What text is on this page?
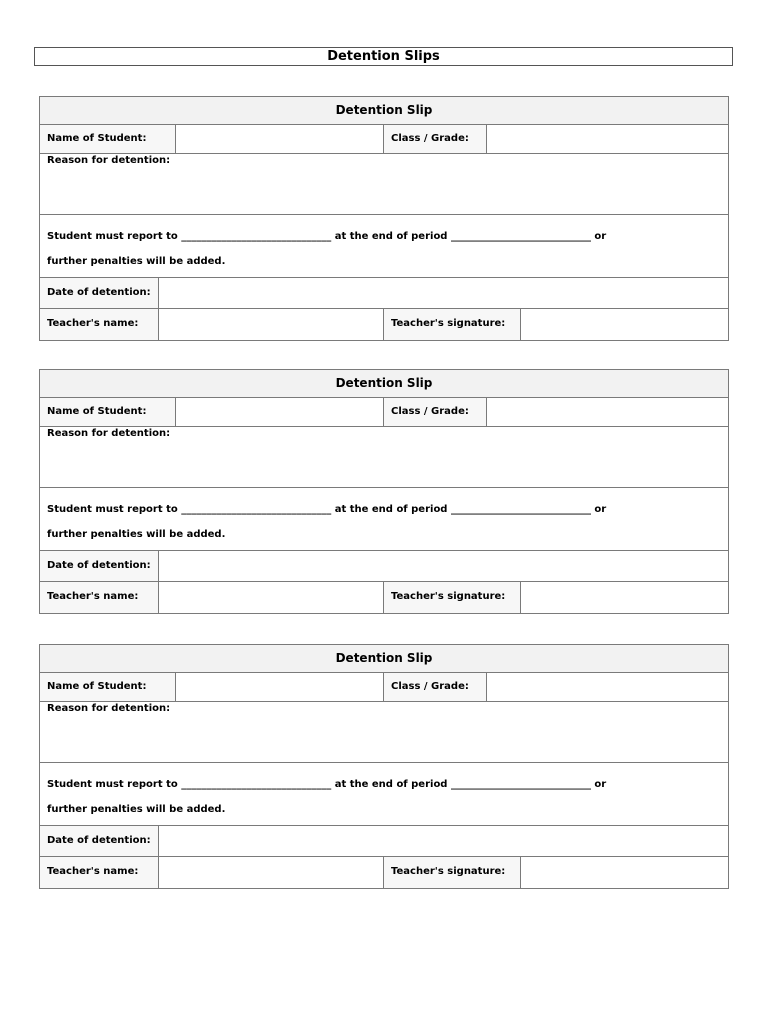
Detention Slips
Detention Slip
Name of Student:	Class / Grade:
Reason for detention:
Student must report to ______________________________ at the end of period ____________________________ or
further penalties will be added.
Date of detention:
Teacher's name:	Teacher's signature:
Detention Slip
Name of Student:	Class / Grade:
Reason for detention:
Student must report to ______________________________ at the end of period ____________________________ or
further penalties will be added.
Date of detention:
Teacher's name:	Teacher's signature:
Detention Slip
Name of Student:	Class / Grade:
Reason for detention:
Student must report to ______________________________ at the end of period ____________________________ or
further penalties will be added.
Date of detention:
Teacher's name:	Teacher's signature:
